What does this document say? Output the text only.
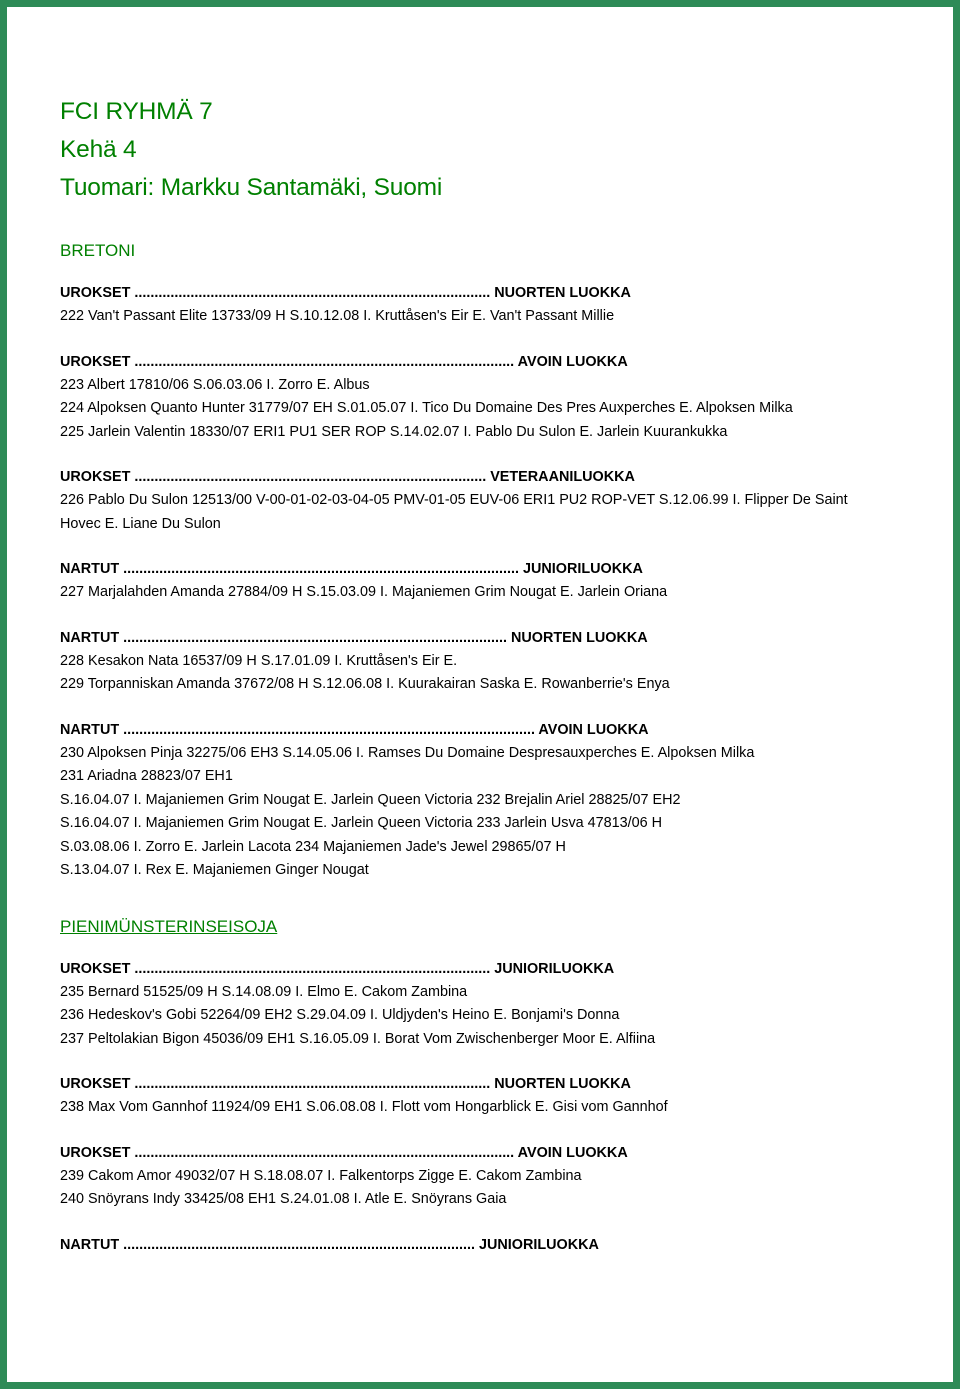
FCI RYHMÄ 7
Kehä 4
Tuomari: Markku Santamäki, Suomi
BRETONI
UROKSET ......................................................................................... NUORTEN LUOKKA
222 Van't Passant Elite 13733/09 H S.10.12.08 I. Kruttåsen's Eir E. Van't Passant Millie
UROKSET ............................................................................................... AVOIN LUOKKA
223 Albert 17810/06 S.06.03.06 I. Zorro E. Albus
224 Alpoksen Quanto Hunter 31779/07 EH S.01.05.07 I. Tico Du Domaine Des Pres Auxperches E. Alpoksen Milka
225 Jarlein Valentin 18330/07 ERI1 PU1 SER ROP S.14.02.07 I. Pablo Du Sulon E. Jarlein Kuurankukka
UROKSET ........................................................................................ VETERAANILUOKKA
226 Pablo Du Sulon 12513/00 V-00-01-02-03-04-05 PMV-01-05 EUV-06 ERI1 PU2 ROP-VET S.12.06.99 I. Flipper De Saint Hovec E. Liane Du Sulon
NARTUT ................................................................................................... JUNIORILUOKKA
227 Marjalahden Amanda 27884/09 H S.15.03.09 I. Majaniemen Grim Nougat E. Jarlein Oriana
NARTUT ................................................................................................ NUORTEN LUOKKA
228 Kesakon Nata 16537/09 H S.17.01.09 I. Kruttåsen's Eir E.
229 Torpanniskan Amanda 37672/08 H S.12.06.08 I. Kuurakairan Saska E. Rowanberrie's Enya
NARTUT ....................................................................................................... AVOIN LUOKKA
230 Alpoksen Pinja 32275/06 EH3 S.14.05.06 I. Ramses Du Domaine Despresauxperches E. Alpoksen Milka
231 Ariadna 28823/07 EH1
S.16.04.07 I. Majaniemen Grim Nougat E. Jarlein Queen Victoria 232 Brejalin Ariel 28825/07 EH2
S.16.04.07 I. Majaniemen Grim Nougat E. Jarlein Queen Victoria 233 Jarlein Usva 47813/06 H
S.03.08.06 I. Zorro E. Jarlein Lacota 234 Majaniemen Jade's Jewel 29865/07 H
S.13.04.07 I. Rex E. Majaniemen Ginger Nougat
PIENIMÜNSTERINSEISOJA
UROKSET ......................................................................................... JUNIORILUOKKA
235 Bernard 51525/09 H S.14.08.09 I. Elmo E. Cakom Zambina
236 Hedeskov's Gobi 52264/09 EH2 S.29.04.09 I. Uldjyden's Heino E. Bonjami's Donna
237 Peltolakian Bigon 45036/09 EH1 S.16.05.09 I. Borat Vom Zwischenberger Moor E. Alfiina
UROKSET ......................................................................................... NUORTEN LUOKKA
238 Max Vom Gannhof 11924/09 EH1 S.06.08.08 I. Flott vom Hongarblick E. Gisi vom Gannhof
UROKSET ............................................................................................... AVOIN LUOKKA
239 Cakom Amor 49032/07 H S.18.08.07 I. Falkentorps Zigge E. Cakom Zambina
240 Snöyrans Indy 33425/08 EH1 S.24.01.08 I. Atle E. Snöyrans Gaia
NARTUT ........................................................................................ JUNIORILUOKKA
